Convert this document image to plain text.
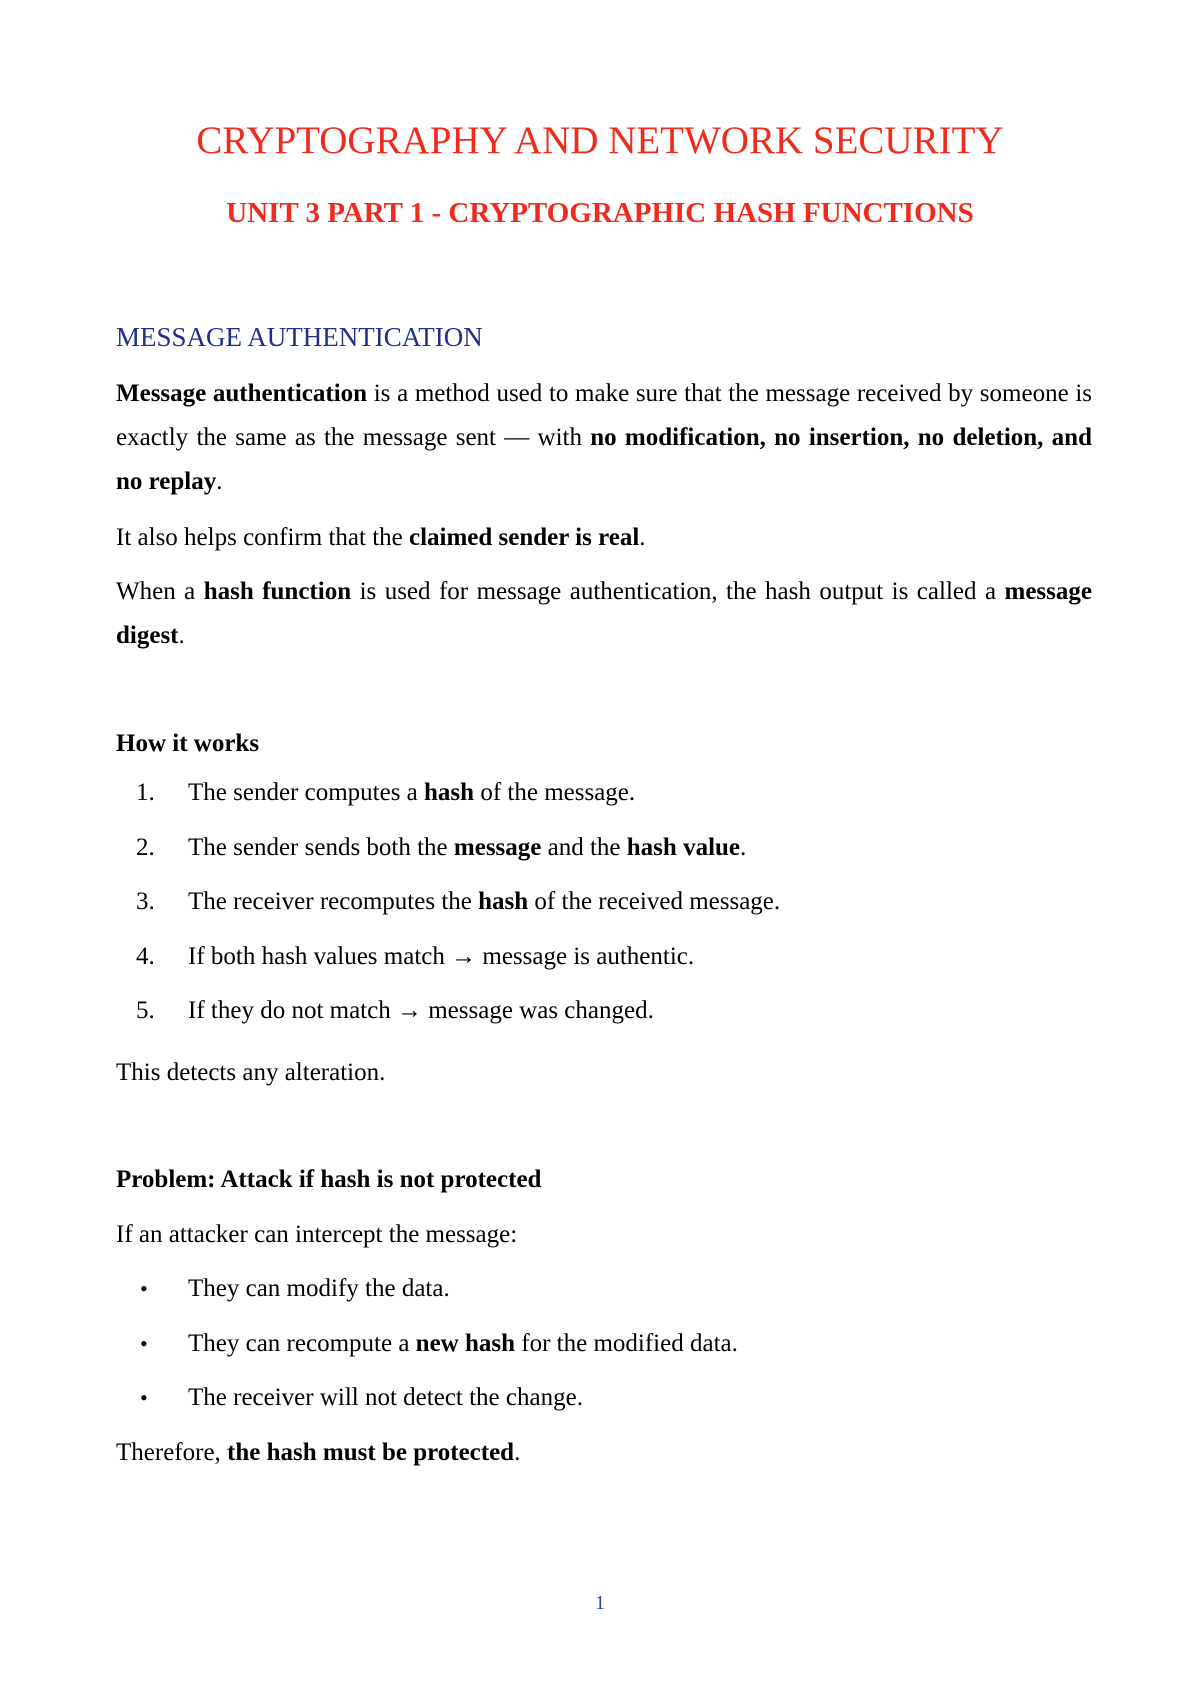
CRYPTOGRAPHY AND NETWORK SECURITY
UNIT 3 PART 1 - CRYPTOGRAPHIC HASH FUNCTIONS
MESSAGE AUTHENTICATION

Message authentication is a method used to make sure that the message received by someone is exactly the same as the message sent — with no modification, no insertion, no deletion, and no replay.

It also helps confirm that the claimed sender is real.

When a hash function is used for message authentication, the hash output is called a message digest.

How it works
1.	The sender computes a hash of the message.
2.	The sender sends both the message and the hash value.
3.	The receiver recomputes the hash of the received message.
4.	If both hash values match → message is authentic.
5.	If they do not match → message was changed.

This detects any alteration.

Problem: Attack if hash is not protected

If an attacker can intercept the message:

• They can modify the data.
• They can recompute a new hash for the modified data.
• The receiver will not detect the change.

Therefore, the hash must be protected.

1
